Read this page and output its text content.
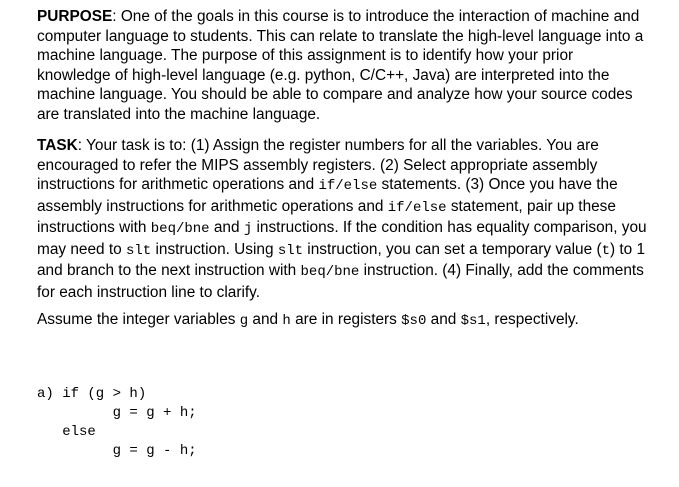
PURPOSE: One of the goals in this course is to introduce the interaction of machine and computer language to students. This can relate to translate the high-level language into a machine language. The purpose of this assignment is to identify how your prior knowledge of high-level language (e.g. python, C/C++, Java) are interpreted into the machine language. You should be able to compare and analyze how your source codes are translated into the machine language.

TASK: Your task is to: (1) Assign the register numbers for all the variables. You are encouraged to refer the MIPS assembly registers. (2) Select appropriate assembly instructions for arithmetic operations and if/else statements. (3) Once you have the assembly instructions for arithmetic operations and if/else statement, pair up these instructions with beq/bne and j instructions. If the condition has equality comparison, you may need to slt instruction. Using slt instruction, you can set a temporary value (t) to 1 and branch to the next instruction with beq/bne instruction. (4) Finally, add the comments for each instruction line to clarify.

Assume the integer variables g and h are in registers $s0 and $s1, respectively.

a) if (g > h)
g = g + h;
else
g = g - h;
